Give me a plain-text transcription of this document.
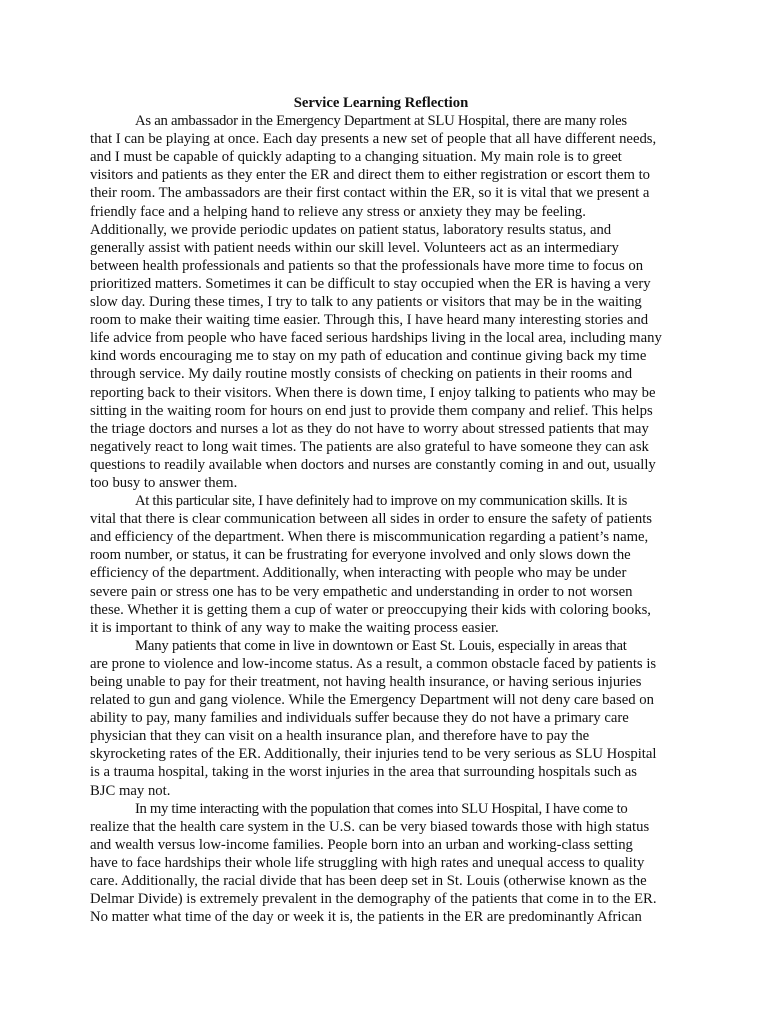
Service Learning Reflection

As an ambassador in the Emergency Department at SLU Hospital, there are many roles

that I can be playing at once. Each day presents a new set of people that all have different needs,

and I must be capable of quickly adapting to a changing situation. My main role is to greet

visitors and patients as they enter the ER and direct them to either registration or escort them to

their room. The ambassadors are their first contact within the ER, so it is vital that we present a

friendly face and a helping hand to relieve any stress or anxiety they may be feeling.

Additionally, we provide periodic updates on patient status, laboratory results status, and

generally assist with patient needs within our skill level. Volunteers act as an intermediary

between health professionals and patients so that the professionals have more time to focus on

prioritized matters. Sometimes it can be difficult to stay occupied when the ER is having a very

slow day. During these times, I try to talk to any patients or visitors that may be in the waiting

room to make their waiting time easier. Through this, I have heard many interesting stories and

life advice from people who have faced serious hardships living in the local area, including many

kind words encouraging me to stay on my path of education and continue giving back my time

through service. My daily routine mostly consists of checking on patients in their rooms and

reporting back to their visitors. When there is down time, I enjoy talking to patients who may be

sitting in the waiting room for hours on end just to provide them company and relief. This helps

the triage doctors and nurses a lot as they do not have to worry about stressed patients that may

negatively react to long wait times. The patients are also grateful to have someone they can ask

questions to readily available when doctors and nurses are constantly coming in and out, usually

too busy to answer them.

At this particular site, I have definitely had to improve on my communication skills. It is

vital that there is clear communication between all sides in order to ensure the safety of patients

and efficiency of the department. When there is miscommunication regarding a patient’s name,

room number, or status, it can be frustrating for everyone involved and only slows down the

efficiency of the department. Additionally, when interacting with people who may be under

severe pain or stress one has to be very empathetic and understanding in order to not worsen

these. Whether it is getting them a cup of water or preoccupying their kids with coloring books,

it is important to think of any way to make the waiting process easier.

Many patients that come in live in downtown or East St. Louis, especially in areas that

are prone to violence and low-income status. As a result, a common obstacle faced by patients is

being unable to pay for their treatment, not having health insurance, or having serious injuries

related to gun and gang violence. While the Emergency Department will not deny care based on

ability to pay, many families and individuals suffer because they do not have a primary care

physician that they can visit on a health insurance plan, and therefore have to pay the

skyrocketing rates of the ER. Additionally, their injuries tend to be very serious as SLU Hospital

is a trauma hospital, taking in the worst injuries in the area that surrounding hospitals such as

BJC may not.

In my time interacting with the population that comes into SLU Hospital, I have come to

realize that the health care system in the U.S. can be very biased towards those with high status

and wealth versus low-income families. People born into an urban and working-class setting

have to face hardships their whole life struggling with high rates and unequal access to quality

care. Additionally, the racial divide that has been deep set in St. Louis (otherwise known as the

Delmar Divide) is extremely prevalent in the demography of the patients that come in to the ER.

No matter what time of the day or week it is, the patients in the ER are predominantly African
